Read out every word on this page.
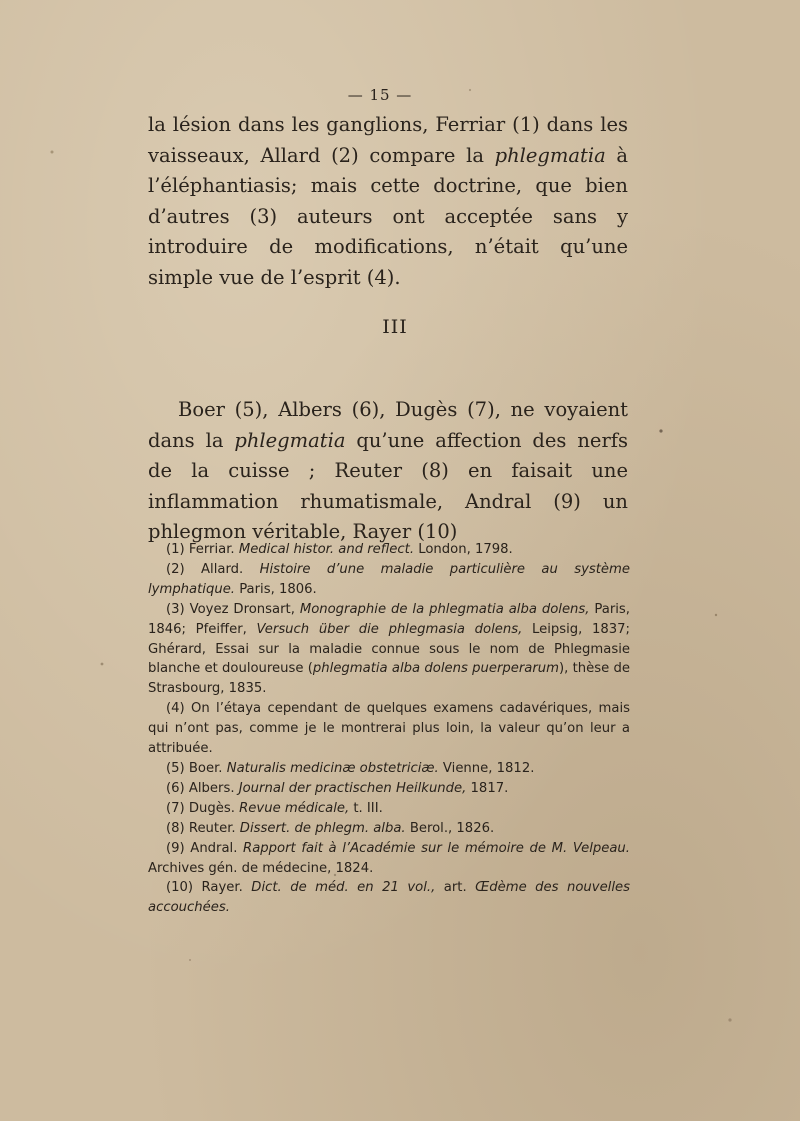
— 15 —

la lésion dans les ganglions, Ferriar (1) dans les vaisseaux, Allard (2) compare la phlegmatia à l’éléphantiasis; mais cette doctrine, que bien d’autres (3) auteurs ont acceptée sans y introduire de modifications, n’était qu’une simple vue de l’esprit (4).

III

Boer (5), Albers (6), Dugès (7), ne voyaient dans la phlegmatia qu’une affection des nerfs de la cuisse ; Reuter (8) en faisait une inflammation rhumatismale, Andral (9) un phlegmon véritable, Rayer (10)

(1) Ferriar. Medical histor. and reflect. London, 1798.

(2) Allard. Histoire d’une maladie particulière au système lymphatique. Paris, 1806.

(3) Voyez Dronsart, Monographie de la phlegmatia alba dolens, Paris, 1846; Pfeiffer, Versuch über die phlegmasia dolens, Leipsig, 1837; Ghérard, Essai sur la maladie connue sous le nom de Phlegmasie blanche et douloureuse (phlegmatia alba dolens puerperarum), thèse de Strasbourg, 1835.

(4) On l’étaya cependant de quelques examens cadavériques, mais qui n’ont pas, comme je le montrerai plus loin, la valeur qu’on leur a attribuée.

(5) Boer. Naturalis medicinæ obstetriciæ. Vienne, 1812.

(6) Albers. Journal der practischen Heilkunde, 1817.

(7) Dugès. Revue médicale, t. III.

(8) Reuter. Dissert. de phlegm. alba. Berol., 1826.

(9) Andral. Rapport fait à l’Académie sur le mémoire de M. Velpeau. Archives gén. de médecine, 1824.

(10) Rayer. Dict. de méd. en 21 vol., art. Œdème des nouvelles accouchées.
